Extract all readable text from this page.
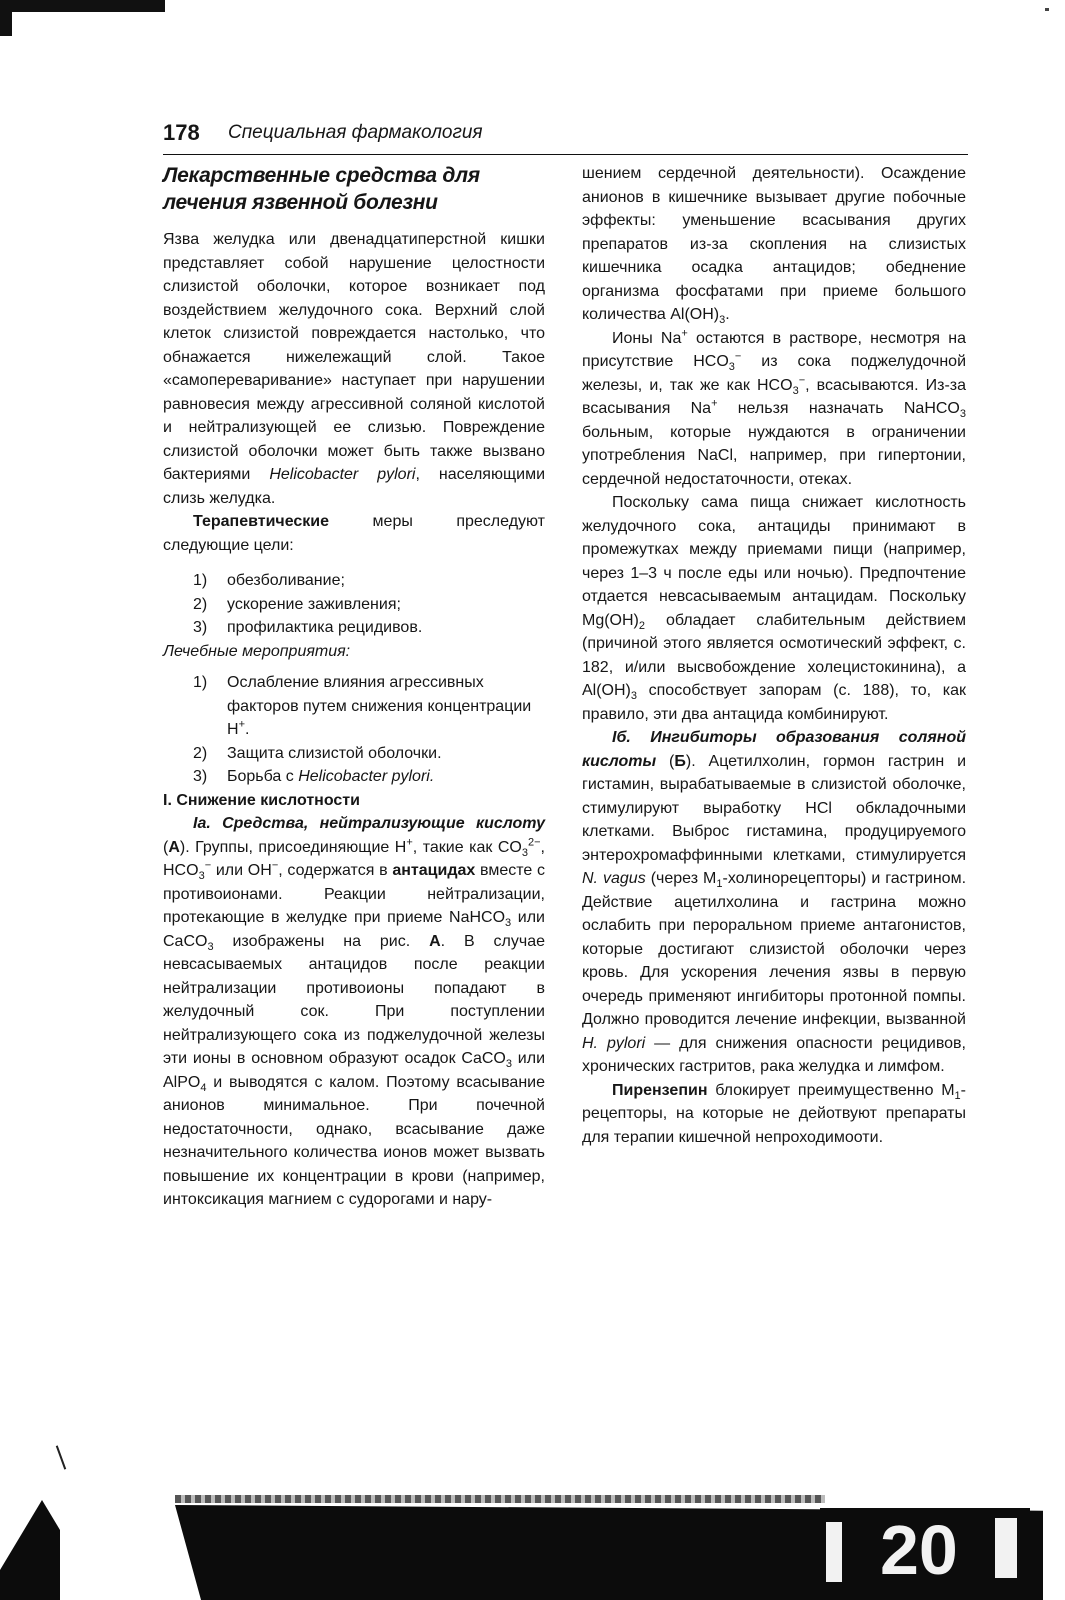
178 Специальная фармакология
Лекарственные средства для лечения язвенной болезни

Язва желудка или двенадцатиперстной кишки представляет собой нарушение целостности слизистой оболочки, которое возникает под воздействием желудочного сока. Верхний слой клеток слизистой повреждается настолько, что обнажается нижележащий слой. Такое «самопереваривание» наступает при нарушении равновесия между агрессивной соляной кислотой и нейтрализующей ее слизью. Повреждение слизистой оболочки может быть также вызвано бактериями Helicobacter pylori, населяющими слизь желудка.

Терапевтические меры преследуют следующие цели:

1)	обезболивание;
2)	ускорение заживления;
3)	профилактика рецидивов.

Лечебные мероприятия:

1)	Ослабление влияния агрессивных факторов путем снижения концентрации H+.
2)	Защита слизистой оболочки.
3)	Борьба с Helicobacter pylori.

I. Снижение кислотности

Ia. Средства, нейтрализующие кислоту (А). Группы, присоединяющие H+, такие как $CO_3^{2-}$, $HCO_3^-$ или OH−, содержатся в антацидах вместе с противоионами. Реакции нейтрализации, протекающие в желудке при приеме NaHCO$_3$ или CaCO$_3$ изображены на рис. А. В случае невсасываемых антацидов после реакции нейтрализации противоионы попадают в желудочный сок. При поступлении нейтрализующего сока из поджелудочной железы эти ионы в основном образуют осадок CaCO$_3$ или AlPO$_4$ и выводятся с калом. Поэтому всасывание анионов минимальное. При почечной недостаточности, однако, всасывание даже незначительного количества ионов может вызвать повышение их концентрации в крови (например, интоксикация магнием с судорогами и нару-

шением сердечной деятельности). Осаждение анионов в кишечнике вызывает другие побочные эффекты: уменьшение всасывания других препаратов из-за скопления на слизистых кишечника осадка антацидов; обеднение организма фосфатами при приеме большого количества $Al(OH)_3$.

Ионы Na+ остаются в растворе, несмотря на присутствие $HCO_3^-$ из сока поджелудочной железы, и, так же как $HCO_3^-$, всасываются. Из-за всасывания Na+ нельзя назначать NaHCO$_3$ больным, которые нуждаются в ограничении употребления NaCl, например, при гипертонии, сердечной недостаточности, отеках.

Поскольку сама пища снижает кислотность желудочного сока, антациды принимают в промежутках между приемами пищи (например, через 1–3 ч после еды или ночью). Предпочтение отдается невсасываемым антацидам. Поскольку $Mg(OH)_2$ обладает слабительным действием (причиной этого является осмотический эффект, с. 182, и/или высвобождение холецистокинина), а $Al(OH)_3$ способствует запорам (с. 188), то, как правило, эти два антацида комбинируют.

Iб. Ингибиторы образования соляной кислоты (Б). Ацетилхолин, гормон гастрин и гистамин, вырабатываемые в слизистой оболочке, стимулируют выработку HCl обкладочными клетками. Выброс гистамина, продуцируемого энтерохромаффинными клетками, стимулируется N. vagus (через $M_1-холинорецепторы$) и гастрином. Действие ацетилхолина и гастрина можно ослабить при пероральном приеме антагонистов, которые достигают слизистой оболочки через кровь. Для ускорения лечения язвы в первую очередь применяют ингибиторы протонной помпы. Должно проводится лечение инфекции, вызванной H. pylori — для снижения опасности рецидивов, хронических гастритов, рака желудка и лимфом.

Пирензепин блокирует преимущественно $M_1$-рецепторы, на которые не дейотвуют препараты для терапии кишечной непроходимооти.

20
